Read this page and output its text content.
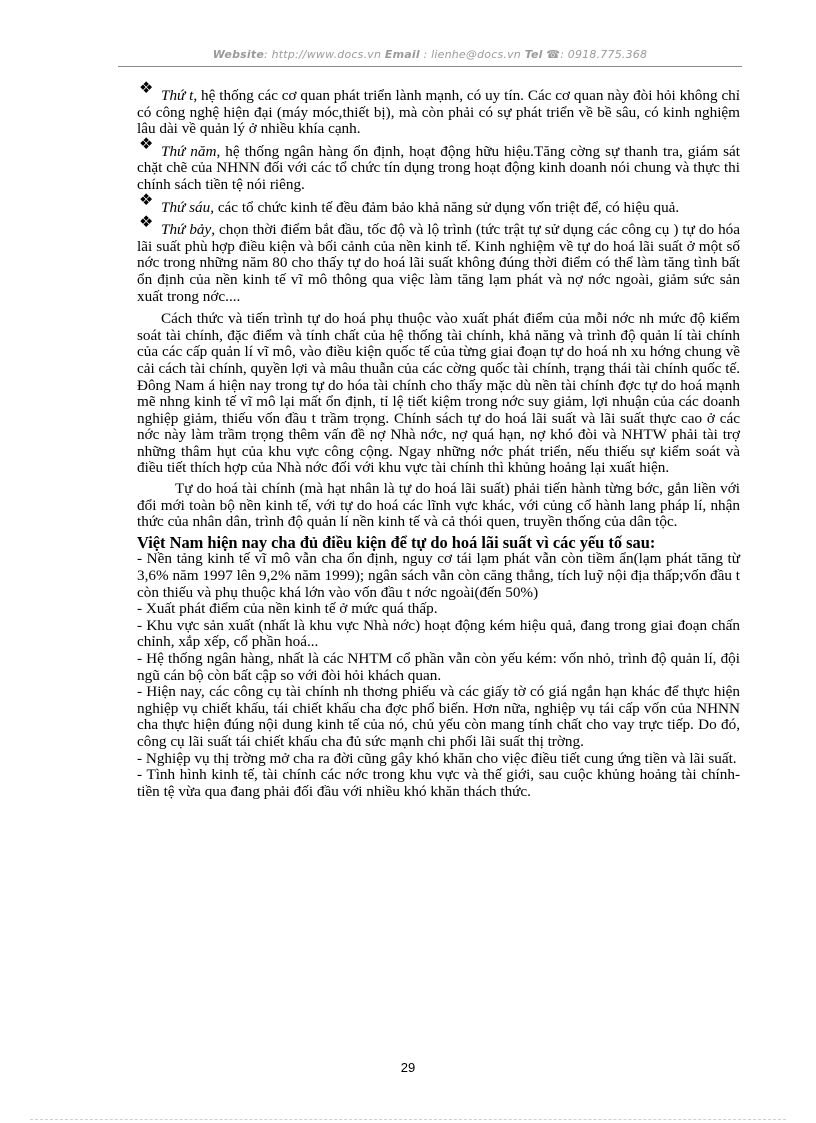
Website: http://www.docs.vn Email : lienhe@docs.vn Tel ☎: 0918.775.368

❖ Thứ t, hệ thống các cơ quan phát triển lành mạnh, có uy tín. Các cơ quan này đòi hỏi không chỉ có công nghệ hiện đại (máy móc,thiết bị), mà còn phải có sự phát triển về bề sâu, có kinh nghiệm lâu dài về quản lý ở nhiều khía cạnh.

❖ Thứ năm, hệ thống ngân hàng ổn định, hoạt động hữu hiệu.Tăng cờng sự thanh tra, giám sát chặt chẽ của NHNN đối với các tổ chức tín dụng trong hoạt động kinh doanh nói chung và thực thi chính sách tiền tệ nói riêng.

❖ Thứ sáu, các tổ chức kinh tế đều đảm bảo khả năng sử dụng vốn triệt để, có hiệu quả.

❖ Thứ bảy, chọn thời điểm bắt đầu, tốc độ và lộ trình (tức trật tự sử dụng các công cụ ) tự do hóa lãi suất phù hợp điều kiện và bối cảnh của nền kinh tế. Kinh nghiệm về tự do hoá lãi suất ở một số nớc trong những năm 80 cho thấy tự do hoá lãi suất không đúng thời điểm có thể làm tăng tình bất ổn định của nền kinh tế vĩ mô thông qua việc làm tăng lạm phát và nợ nớc ngoài, giảm sức sản xuất trong nớc....

Cách thức và tiến trình tự do hoá phụ thuộc vào xuất phát điểm của mỗi nớc nh mức độ kiểm soát tài chính, đặc điểm và tính chất của hệ thống tài chính, khả năng và trình độ quản lí tài chính của các cấp quản lí vĩ mô, vào điều kiện quốc tế của từng giai đoạn tự do hoá nh xu hớng chung về cải cách tài chính, quyền lợi và mâu thuẫn của các cờng quốc tài chính, trạng thái tài chính quốc tế. Đông Nam á hiện nay trong tự do hóa tài chính cho thấy mặc dù nền tài chính đợc tự do hoá mạnh mẽ nhng kinh tế vĩ mô lại mất ổn định, tỉ lệ tiết kiệm trong nớc suy giảm, lợi nhuận của các doanh nghiệp giảm, thiếu vốn đầu t trầm trọng. Chính sách tự do hoá lãi suất và lãi suất thực cao ở các nớc này làm trầm trọng thêm vấn đề nợ Nhà nớc, nợ quá hạn, nợ khó đòi và NHTW phải tài trợ những thâm hụt của khu vực công cộng. Ngay những nớc phát triển, nếu thiếu sự kiểm soát và điều tiết thích hợp của Nhà nớc đối với khu vực tài chính thì khủng hoảng lại xuất hiện.

Tự do hoá tài chính (mà hạt nhân là tự do hoá lãi suất) phải tiến hành từng bớc, gắn liền với đổi mới toàn bộ nền kinh tế, với tự do hoá các lĩnh vực khác, với củng cố hành lang pháp lí, nhận thức của nhân dân, trình độ quản lí nền kinh tế và cả thói quen, truyền thống của dân tộc.

Việt Nam hiện nay cha đủ điều kiện để tự do hoá lãi suất vì các yếu tố sau:

- Nền tảng kinh tế vĩ mô vẫn cha ổn định, nguy cơ tái lạm phát vẫn còn tiềm ẩn(lạm phát tăng từ 3,6% năm 1997 lên 9,2% năm 1999); ngân sách vẫn còn căng thẳng, tích luỹ nội địa thấp;vốn đầu t còn thiếu và phụ thuộc khá lớn vào vốn đầu t nớc ngoài(đến 50%)

- Xuất phát điểm của nền kinh tế ở mức quá thấp.

- Khu vực sản xuất (nhất là khu vực Nhà nớc) hoạt động kém hiệu quả, đang trong giai đoạn chấn chỉnh, xắp xếp, cổ phần hoá...

- Hệ thống ngân hàng, nhất là các NHTM cổ phần vẫn còn yếu kém: vốn nhỏ, trình độ quản lí, đội ngũ cán bộ còn bất cập so với đòi hỏi khách quan.

- Hiện nay, các công cụ tài chính nh thơng phiếu và các giấy tờ có giá ngắn hạn khác để thực hiện nghiệp vụ chiết khấu, tái chiết khấu cha đợc phổ biến. Hơn nữa, nghiệp vụ tái cấp vốn của NHNN cha thực hiện đúng nội dung kinh tế của nó, chủ yếu còn mang tính chất cho vay trực tiếp. Do đó, công cụ lãi suất tái chiết khấu cha đủ sức mạnh chi phối lãi suất thị trờng.

- Nghiệp vụ thị trờng mở cha ra đời cũng gây khó khăn cho việc điều tiết cung ứng tiền và lãi suất.

- Tình hình kinh tế, tài chính các nớc trong khu vực và thế giới, sau cuộc khủng hoảng tài chính- tiền tệ vừa qua đang phải đối đầu với nhiều khó khăn thách thức.

29
